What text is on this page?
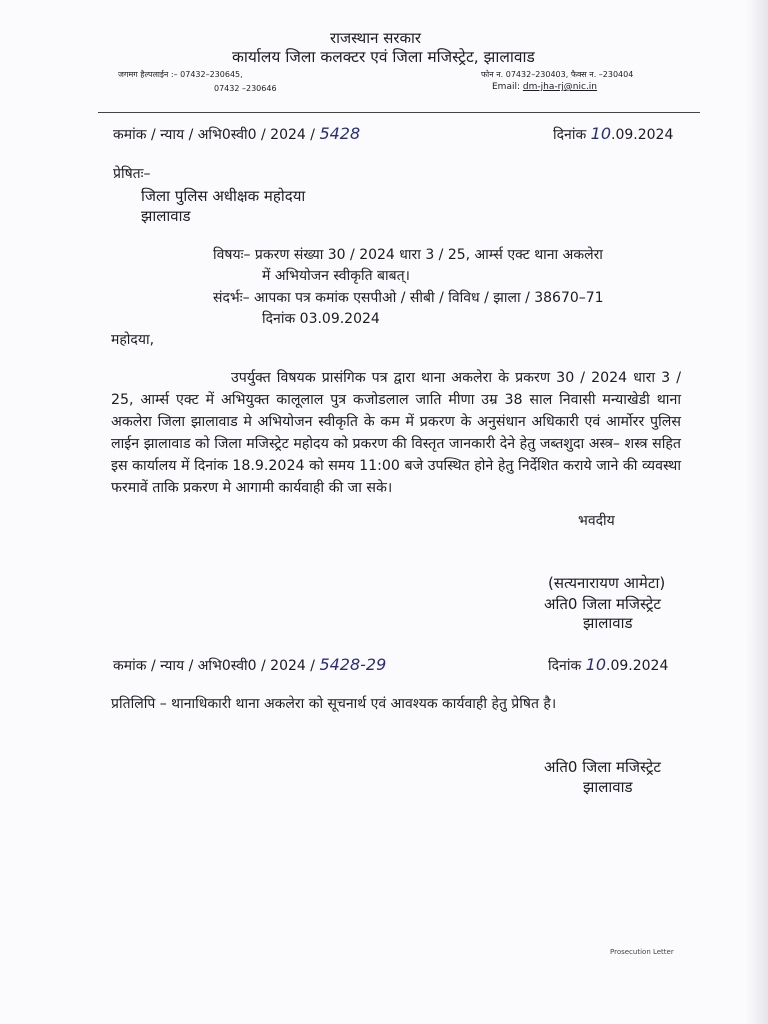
राजस्थान सरकार
कार्यालय जिला कलक्टर एवं जिला मजिस्ट्रेट, झालावाड
जगमग हैल्पलाईन :– 07432–230645,
07432 –230646
फोन न. 07432–230403, फैक्स न. –230404
Email: dm-jha-rj@nic.in
कमांक / न्याय / अभि0स्वी0 / 2024 / 5428	दिनांक 10.09.2024
प्रेषितः–
जिला पुलिस अधीक्षक महोदया
झालावाड
विषयः– प्रकरण संख्या 30 / 2024 धारा 3 / 25, आर्म्स एक्ट थाना अकलेरा
में अभियोजन स्वीकृति बाबत्।
संदर्भः– आपका पत्र कमांक एसपीओ / सीबी / विविध / झाला / 38670–71
दिनांक 03.09.2024
महोदया,
उपर्युक्त विषयक प्रासंगिक पत्र द्वारा थाना अकलेरा के प्रकरण 30 / 2024 धारा 3 / 25, आर्म्स एक्ट में अभियुक्त कालूलाल पुत्र कजोडलाल जाति मीणा उम्र 38 साल निवासी मन्याखेडी थाना अकलेरा जिला झालावाड मे अभियोजन स्वीकृति के कम में प्रकरण के अनुसंधान अधिकारी एवं आर्मोरर पुलिस लाईन झालावाड को जिला मजिस्ट्रेट महोदय को प्रकरण की विस्तृत जानकारी देने हेतु जब्तशुदा अस्त्र– शस्त्र सहित इस कार्यालय में दिनांक 18.9.2024 को समय 11:00 बजे उपस्थित होने हेतु निर्देशित कराये जाने की व्यवस्था फरमावें ताकि प्रकरण मे आगामी कार्यवाही की जा सके।
भवदीय
(सत्यनारायण आमेटा)
अति0 जिला मजिस्ट्रेट
झालावाड
कमांक / न्याय / अभि0स्वी0 / 2024 / 5428-29	दिनांक 10.09.2024
प्रतिलिपि – थानाधिकारी थाना अकलेरा को सूचनार्थ एवं आवश्यक कार्यवाही हेतु प्रेषित है।
अति0 जिला मजिस्ट्रेट
झालावाड
Prosecution Letter
